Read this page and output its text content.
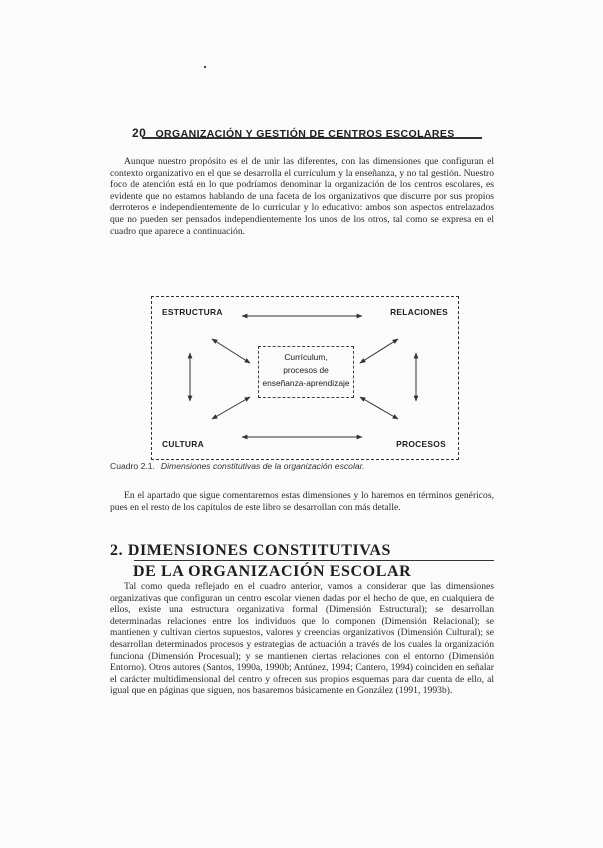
20 ORGANIZACIÓN Y GESTIÓN DE CENTROS ESCOLARES
Aunque nuestro propósito es el de unir las diferentes, con las dimensiones que configuran el contexto organizativo en el que se desarrolla el currículum y la enseñanza, y no tal gestión. Nuestro foco de atención está en lo que podríamos denominar la organización de los centros escolares, es evidente que no estamos hablando de una faceta de los organizativos que discurre por sus propios derroteros e independientemente de lo curricular y lo educativo: ambos son aspectos entrelazados que no pueden ser pensados independientemente los unos de los otros, tal como se expresa en el cuadro que aparece a continuación.
ESTRUCTURA	RELACIONES
CULTURA	PROCESOS
Currículum,
procesos de
enseñanza-aprendizaje
Cuadro 2.1. Dimensiones constitutivas de la organización escolar.
En el apartado que sigue comentaremos estas dimensiones y lo haremos en términos genéricos, pues en el resto de los capítulos de este libro se desarrollan con más detalle.
2. DIMENSIONES CONSTITUTIVAS
DE LA ORGANIZACIÓN ESCOLAR
Tal como queda reflejado en el cuadro anterior, vamos a considerar que las dimensiones organizativas que configuran un centro escolar vienen dadas por el hecho de que, en cualquiera de ellos, existe una estructura organizativa formal (Dimensión Estructural); se desarrollan determinadas relaciones entre los individuos que lo componen (Dimensión Relacional); se mantienen y cultivan ciertos supuestos, valores y creencias organizativos (Dimensión Cultural); se desarrollan determinados procesos y estrategias de actuación a través de los cuales la organización funciona (Dimensión Procesual); y se mantienen ciertas relaciones con el entorno (Dimensión Entorno). Otros autores (Santos, 1990a, 1990b; Antúnez, 1994; Cantero, 1994) coinciden en señalar el carácter multidimensional del centro y ofrecen sus propios esquemas para dar cuenta de ello, al igual que en páginas que siguen, nos basaremos básicamente en González (1991, 1993b).
